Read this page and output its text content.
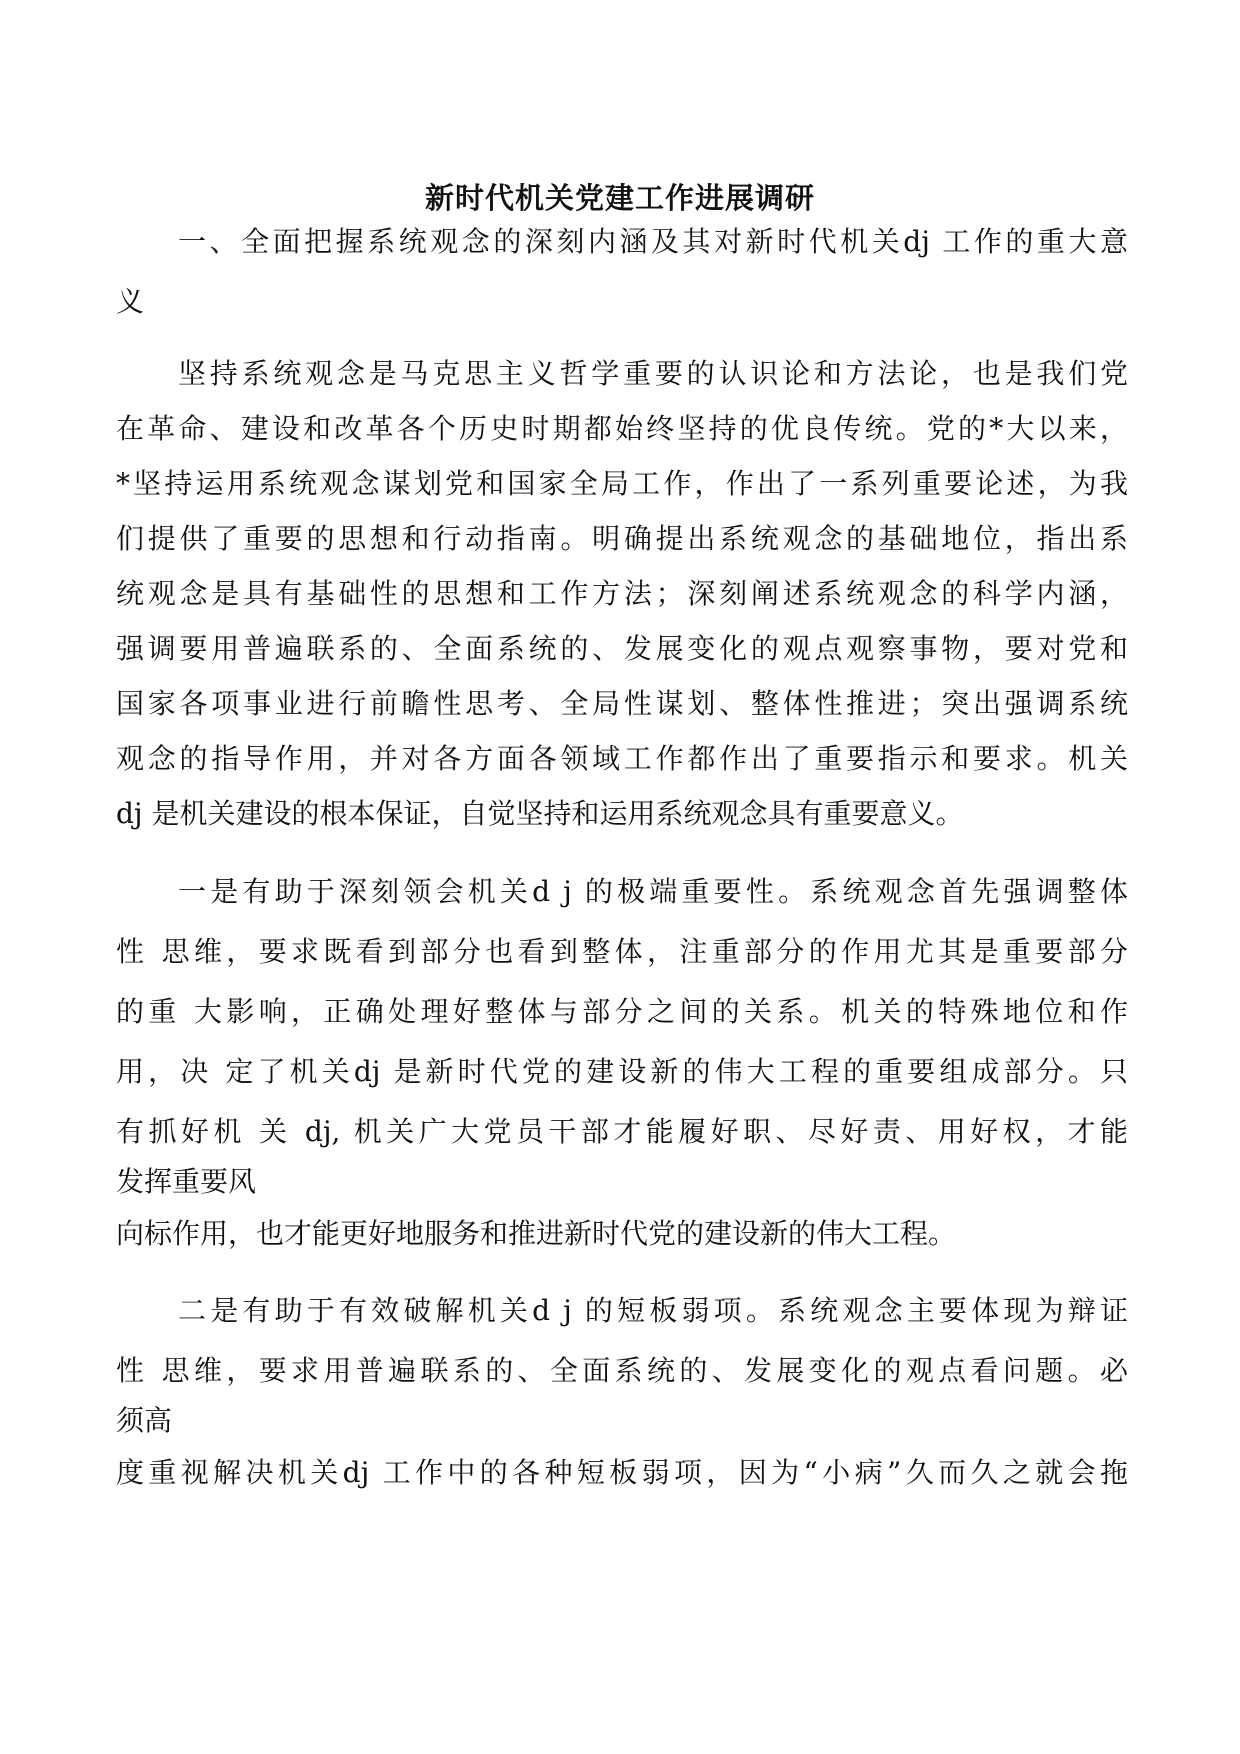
新时代机关党建工作进展调研
一、全面把握系统观念的深刻内涵及其对新时代机关dj 工作的重大意
义
坚持系统观念是马克思主义哲学重要的认识论和方法论，也是我们党
在革命、建设和改革各个历史时期都始终坚持的优良传统。党的*大以来，
*坚持运用系统观念谋划党和国家全局工作，作出了一系列重要论述，为我
们提供了重要的思想和行动指南。明确提出系统观念的基础地位，指出系
统观念是具有基础性的思想和工作方法；深刻阐述系统观念的科学内涵，
强调要用普遍联系的、全面系统的、发展变化的观点观察事物，要对党和
国家各项事业进行前瞻性思考、全局性谋划、整体性推进；突出强调系统
观念的指导作用，并对各方面各领域工作都作出了重要指示和要求。机关
dj 是机关建设的根本保证，自觉坚持和运用系统观念具有重要意义。
一是有助于深刻领会机关d j 的极端重要性。系统观念首先强调整体
性 思维，要求既看到部分也看到整体，注重部分的作用尤其是重要部分
的重 大影响，正确处理好整体与部分之间的关系。机关的特殊地位和作
用，决 定了机关dj 是新时代党的建设新的伟大工程的重要组成部分。只
有抓好机 关 dj, 机关广大党员干部才能履好职、尽好责、用好权，才能
发挥重要风
向标作用，也才能更好地服务和推进新时代党的建设新的伟大工程。
二是有助于有效破解机关d j 的短板弱项。系统观念主要体现为辩证
性 思维，要求用普遍联系的、全面系统的、发展变化的观点看问题。必
须高
度重视解决机关dj 工作中的各种短板弱项，因为“小病”久而久之就会拖
